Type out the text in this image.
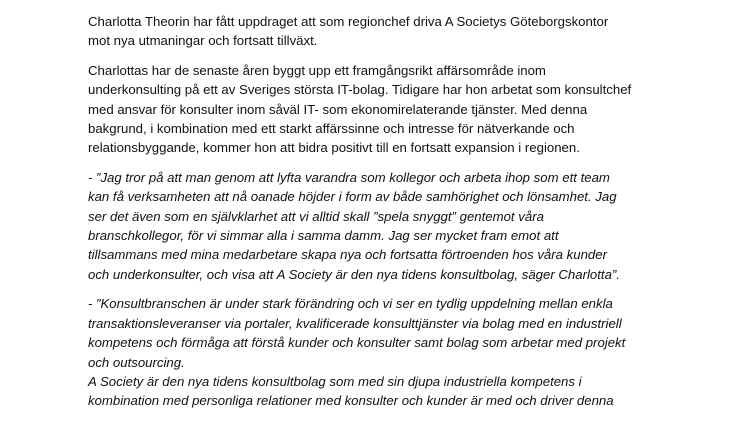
Charlotta Theorin har fått uppdraget att som regionchef driva A Societys Göteborgskontor
mot nya utmaningar och fortsatt tillväxt.

Charlottas har de senaste åren byggt upp ett framgångsrikt affärsområde inom
underkonsulting på ett av Sveriges största IT-bolag. Tidigare har hon arbetat som konsultchef
med ansvar för konsulter inom såväl IT- som ekonomirelaterande tjänster. Med denna
bakgrund, i kombination med ett starkt affärssinne och intresse för nätverkande och
relationsbyggande, kommer hon att bidra positivt till en fortsatt expansion i regionen.

- ”Jag tror på att man genom att lyfta varandra som kollegor och arbeta ihop som ett team
kan få verksamheten att nå oanade höjder i form av både samhörighet och lönsamhet. Jag
ser det även som en självklarhet att vi alltid skall ”spela snyggt” gentemot våra
branschkollegor, för vi simmar alla i samma damm. Jag ser mycket fram emot att
tillsammans med mina medarbetare skapa nya och fortsatta förtroenden hos våra kunder
och underkonsulter, och visa att A Society är den nya tidens konsultbolag, säger Charlotta”.

- ”Konsultbranschen är under stark förändring och vi ser en tydlig uppdelning mellan enkla
transaktionsleveranser via portaler, kvalificerade konsulttjänster via bolag med en industriell
kompetens och förmåga att förstå kunder och konsulter samt bolag som arbetar med projekt
och outsourcing.
A Society är den nya tidens konsultbolag som med sin djupa industriella kompetens i
kombination med personliga relationer med konsulter och kunder är med och driver denna
